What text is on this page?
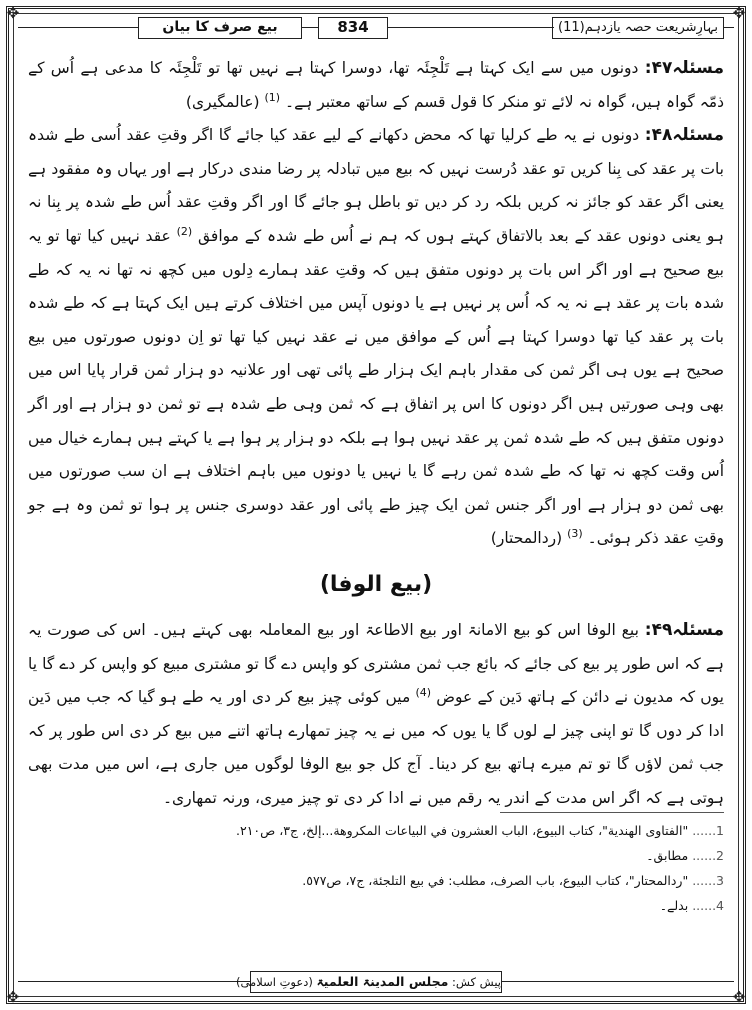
✥	✥
✥	✥
بہارِشریعت حصہ یازدہم(11)
834
بیع صرف کا بیان

مسئلہ۴۷: دونوں میں سے ایک کہتا ہے تَلْجِئَہ تھا، دوسرا کہتا ہے نہیں تھا تو تَلْجِئَہ کا مدعی ہے اُس کے ذمّہ گواہ ہیں، گواہ نہ لائے تو منکر کا قول قسم کے ساتھ معتبر ہے۔ $^{(1)}$ (عالمگیری)

مسئلہ۴۸: دونوں نے یہ طے کرلیا تھا کہ محض دکھانے کے لیے عقد کیا جائے گا اگر وقتِ عقد اُسی طے شدہ بات پر عقد کی بِنا کریں تو عقد دُرست نہیں کہ بیع میں تبادلہ پر رضا مندی درکار ہے اور یہاں وہ مفقود ہے یعنی اگر عقد کو جائز نہ کریں بلکہ رد کر دیں تو باطل ہو جائے گا اور اگر وقتِ عقد اُس طے شدہ پر بِنا نہ ہو یعنی دونوں عقد کے بعد بالاتفاق کہتے ہوں کہ ہم نے اُس طے شدہ کے موافق $^{(2)}$ عقد نہیں کیا تھا تو یہ بیع صحیح ہے اور اگر اس بات پر دونوں متفق ہیں کہ وقتِ عقد ہمارے دِلوں میں کچھ نہ تھا نہ یہ کہ طے شدہ بات پر عقد ہے نہ یہ کہ اُس پر نہیں ہے یا دونوں آپس میں اختلاف کرتے ہیں ایک کہتا ہے کہ طے شدہ بات پر عقد کیا تھا دوسرا کہتا ہے اُس کے موافق میں نے عقد نہیں کیا تھا تو اِن دونوں صورتوں میں بیع صحیح ہے یوں ہی اگر ثمن کی مقدار باہم ایک ہزار طے پائی تھی اور علانیہ دو ہزار ثمن قرار پایا اس میں بھی وہی صورتیں ہیں اگر دونوں کا اس پر اتفاق ہے کہ ثمن وہی طے شدہ ہے تو ثمن دو ہزار ہے اور اگر دونوں متفق ہیں کہ طے شدہ ثمن پر عقد نہیں ہوا ہے بلکہ دو ہزار پر ہوا ہے یا کہتے ہیں ہمارے خیال میں اُس وقت کچھ نہ تھا کہ طے شدہ ثمن رہے گا یا نہیں یا دونوں میں باہم اختلاف ہے ان سب صورتوں میں بھی ثمن دو ہزار ہے اور اگر جنس ثمن ایک چیز طے پائی اور عقد دوسری جنس پر ہوا تو ثمن وہ ہے جو وقتِ عقد ذکر ہوئی۔ $^{(3)}$ (ردالمحتار)

(بیع الوفا)

مسئلہ۴۹: بیع الوفا اس کو بیع الامانۃ اور بیع الاطاعۃ اور بیع المعاملہ بھی کہتے ہیں۔ اس کی صورت یہ ہے کہ اس طور پر بیع کی جائے کہ بائع جب ثمن مشتری کو واپس دے گا تو مشتری مبیع کو واپس کر دے گا یا یوں کہ مدیون نے دائن کے ہاتھ دَین کے عوض $^{(4)}$ میں کوئی چیز بیع کر دی اور یہ طے ہو گیا کہ جب میں دَین ادا کر دوں گا تو اپنی چیز لے لوں گا یا یوں کہ میں نے یہ چیز تمھارے ہاتھ اتنے میں بیع کر دی اس طور پر کہ جب ثمن لاؤں گا تو تم میرے ہاتھ بیع کر دینا۔ آج کل جو بیع الوفا لوگوں میں جاری ہے، اس میں مدت بھی ہوتی ہے کہ اگر اس مدت کے اندر یہ رقم میں نے ادا کر دی تو چیز میری، ورنہ تمھاری۔

1...... "الفتاوى الهندية"، كتاب البيوع، الباب العشرون في البياعات المكروهة...إلخ، ج٣، ص٢١٠.

2...... مطابق۔

3...... "ردالمحتار"، كتاب البيوع، باب الصرف، مطلب: في بيع التلجئة، ج٧، ص٥٧٧.

4...... بدلے۔

پیش کش: مجلس المدینۃ العلمیۃ (دعوتِ اسلامی)
